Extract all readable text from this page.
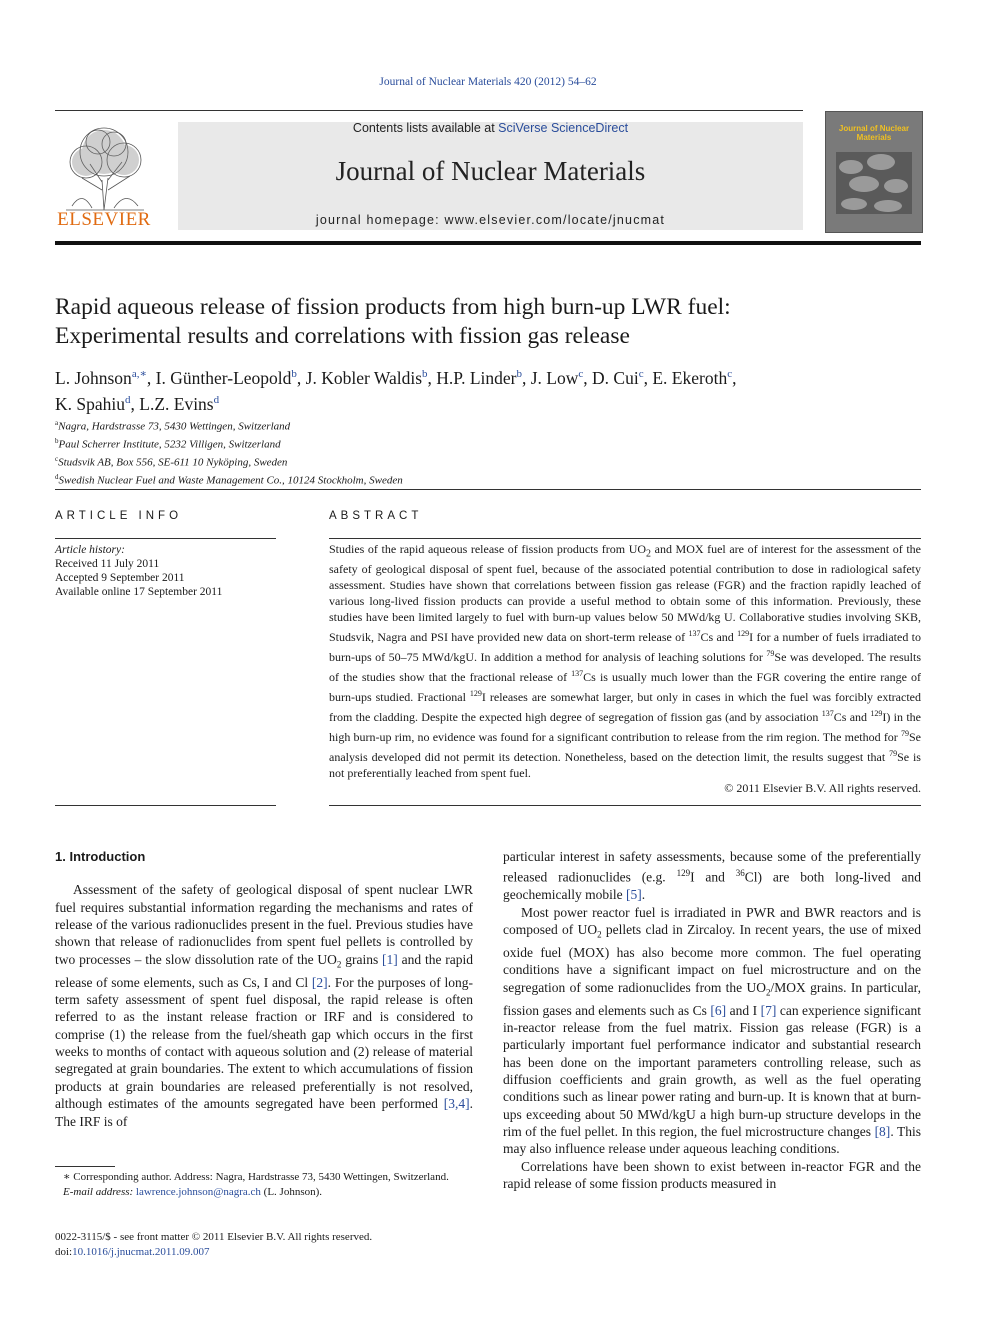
Journal of Nuclear Materials 420 (2012) 54–62
ELSEVIER
Contents lists available at SciVerse ScienceDirect
Journal of Nuclear Materials
journal homepage: www.elsevier.com/locate/jnucmat
Journal of Nuclear Materials
Rapid aqueous release of fission products from high burn-up LWR fuel:
Experimental results and correlations with fission gas release
L. Johnson$^{a,∗}$, I. Günther-Leopold$^b$, J. Kobler Waldis$^b$, H.P. Linder$^b$, J. Low$^c$, D. Cui$^c$, E. Ekeroth$^c$,
K. Spahiu$^d$, L.Z. Evins$^d$
$^a$Nagra, Hardstrasse 73, 5430 Wettingen, Switzerland
$^b$Paul Scherrer Institute, 5232 Villigen, Switzerland
$^c$Studsvik AB, Box 556, SE-611 10 Nyköping, Sweden
$^d$Swedish Nuclear Fuel and Waste Management Co., 10124 Stockholm, Sweden
ARTICLE INFO
Article history:
Received 11 July 2011
Accepted 9 September 2011
Available online 17 September 2011
ABSTRACT
Studies of the rapid aqueous release of fission products from $UO_2$ and MOX fuel are of interest for the assessment of the safety of geological disposal of spent fuel, because of the associated potential contribution to dose in radiological safety assessment. Studies have shown that correlations between fission gas release (FGR) and the fraction rapidly leached of various long-lived fission products can provide a useful method to obtain some of this information. Previously, these studies have been limited largely to fuel with burn-up values below 50 MWd/kg U. Collaborative studies involving SKB, Studsvik, Nagra and PSI have provided new data on short-term release of $^{137}$Cs and $^{129}$I for a number of fuels irradiated to burn-ups of 50–75 MWd/kgU. In addition a method for analysis of leaching solutions for $^{79}$Se was developed. The results of the studies show that the fractional release of $^{137}$Cs is usually much lower than the FGR covering the entire range of burn-ups studied. Fractional $^{129}$I releases are somewhat larger, but only in cases in which the fuel was forcibly extracted from the cladding. Despite the expected high degree of segregation of fission gas (and by association $^{137}$Cs and $^{129}$I) in the high burn-up rim, no evidence was found for a significant contribution to release from the rim region. The method for $^{79}$Se analysis developed did not permit its detection. Nonetheless, based on the detection limit, the results suggest that $^{79}$Se is not preferentially leached from spent fuel.
© 2011 Elsevier B.V. All rights reserved.

1. Introduction

Assessment of the safety of geological disposal of spent nuclear LWR fuel requires substantial information regarding the mechanisms and rates of release of the various radionuclides present in the fuel. Previous studies have shown that release of radionuclides from spent fuel pellets is controlled by two processes – the slow dissolution rate of the $UO_2$ grains [1] and the rapid release of some elements, such as Cs, I and Cl [2]. For the purposes of long-term safety assessment of spent fuel disposal, the rapid release is often referred to as the instant release fraction or IRF and is considered to comprise (1) the release from the fuel/sheath gap which occurs in the first weeks to months of contact with aqueous solution and (2) release of material segregated at grain boundaries. The extent to which accumulations of fission products at grain boundaries are released preferentially is not resolved, although estimates of the amounts segregated have been performed [3,4]. The IRF is of

particular interest in safety assessments, because some of the preferentially released radionuclides (e.g. $^{129}$I and $^{36}$Cl) are both long-lived and geochemically mobile [5].

Most power reactor fuel is irradiated in PWR and BWR reactors and is composed of $UO_2$ pellets clad in Zircaloy. In recent years, the use of mixed oxide fuel (MOX) has also become more common. The fuel operating conditions have a significant impact on fuel microstructure and on the segregation of some radionuclides from the $UO_2$/MOX grains. In particular, fission gases and elements such as Cs [6] and I [7] can experience significant in-reactor release from the fuel matrix. Fission gas release (FGR) is a particularly important fuel performance indicator and substantial research has been done on the important parameters controlling release, such as diffusion coefficients and grain growth, as well as the fuel operating conditions such as linear power rating and burn-up. It is known that at burn-ups exceeding about 50 MWd/kgU a high burn-up structure develops in the rim of the fuel pellet. In this region, the fuel microstructure changes [8]. This may also influence release under aqueous leaching conditions.

Correlations have been shown to exist between in-reactor FGR and the rapid release of some fission products measured in

∗ Corresponding author. Address: Nagra, Hardstrasse 73, 5430 Wettingen, Switzerland.
E-mail address: lawrence.johnson@nagra.ch (L. Johnson).
0022-3115/$ - see front matter © 2011 Elsevier B.V. All rights reserved.
doi:10.1016/j.jnucmat.2011.09.007
